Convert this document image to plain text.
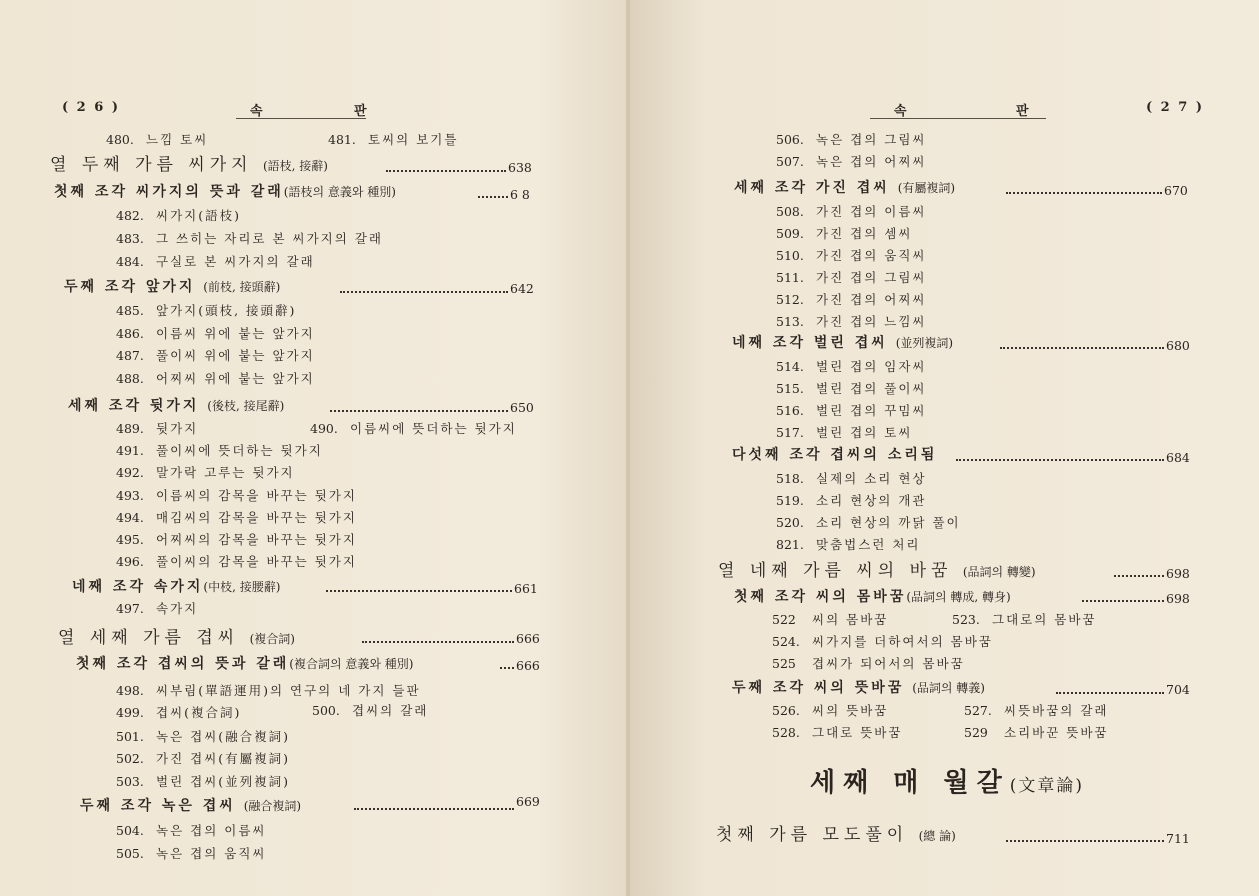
( 2 6 )	속	판
480. 느낌 토씨	481. 토씨의 보기틀
열 두째 가름 씨가지 (語枝, 接辭)	638
첫째 조각 씨가지의 뜻과 갈래(語枝의 意義와 種別)	6 8
482. 씨가지(語枝)
483. 그 쓰히는 자리로 본 씨가지의 갈래
484. 구실로 본 씨가지의 갈래
두째 조각 앞가지 (前枝, 接頭辭)	642
485. 앞가지(頭枝, 接頭辭)
486. 이름씨 위에 붙는 앞가지
487. 풀이씨 위에 붙는 앞가지
488. 어찌씨 위에 붙는 앞가지
세째 조각 뒷가지 (後枝, 接尾辭)	650
489. 뒷가지	490. 이름씨에 뜻더하는 뒷가지
491. 풀이씨에 뜻더하는 뒷가지
492. 말가락 고루는 뒷가지
493. 이름씨의 감목을 바꾸는 뒷가지
494. 매김씨의 감목을 바꾸는 뒷가지
495. 어찌씨의 감목을 바꾸는 뒷가지
496. 풀이씨의 감목을 바꾸는 뒷가지
네째 조각 속가지(中枝, 接腰辭)	661
497. 속가지
열 세째 가름 겹씨 (複合詞)	666
첫째 조각 겹씨의 뜻과 갈래(複合詞의 意義와 種別)	666
498. 씨부림(單語運用)의 연구의 네 가지 들판
499. 겹씨(複合詞)	500. 겹씨의 갈래
501. 녹은 겹씨(融合複詞)
502. 가진 겹씨(有屬複詞)
503. 벌린 겹씨(並列複詞)
두째 조각 녹은 겹씨 (融合複詞)	669
504. 녹은 겹의 이름씨
505. 녹은 겹의 움직씨
속	판	( 2 7 )
506. 녹은 겹의 그림씨
507. 녹은 겹의 어찌씨
세째 조각 가진 겹씨 (有屬複詞)	670
508. 가진 겹의 이름씨
509. 가진 겹의 셈씨
510. 가진 겹의 움직씨
511. 가진 겹의 그림씨
512. 가진 겹의 어찌씨
513. 가진 겹의 느낌씨
네째 조각 벌린 겹씨 (並列複詞)	680
514. 벌린 겹의 임자씨
515. 벌린 겹의 풀이씨
516. 벌린 겹의 꾸밈씨
517. 벌린 겹의 토씨
다섯째 조각 겹씨의 소리됨	684
518. 실제의 소리 현상
519. 소리 현상의 개관
520. 소리 현상의 까닭 풀이
821. 맞춤법스런 처리
열 네째 가름 씨의 바꿈 (品詞의 轉變)	698
첫째 조각 씨의 몸바꿈(品詞의 轉成, 轉身)	698
522 씨의 몸바꿈	523. 그대로의 몸바꿈
524. 씨가지를 더하여서의 몸바꿈
525 겹씨가 되어서의 몸바꿈
두째 조각 씨의 뜻바꿈 (品詞의 轉義)	704
526. 씨의 뜻바꿈	527. 씨뜻바꿈의 갈래
528. 그대로 뜻바꿈	529 소리바꾼 뜻바꿈
세째 매 월갈(文章論)
첫째 가름 모도풀이 (總 論)	711
